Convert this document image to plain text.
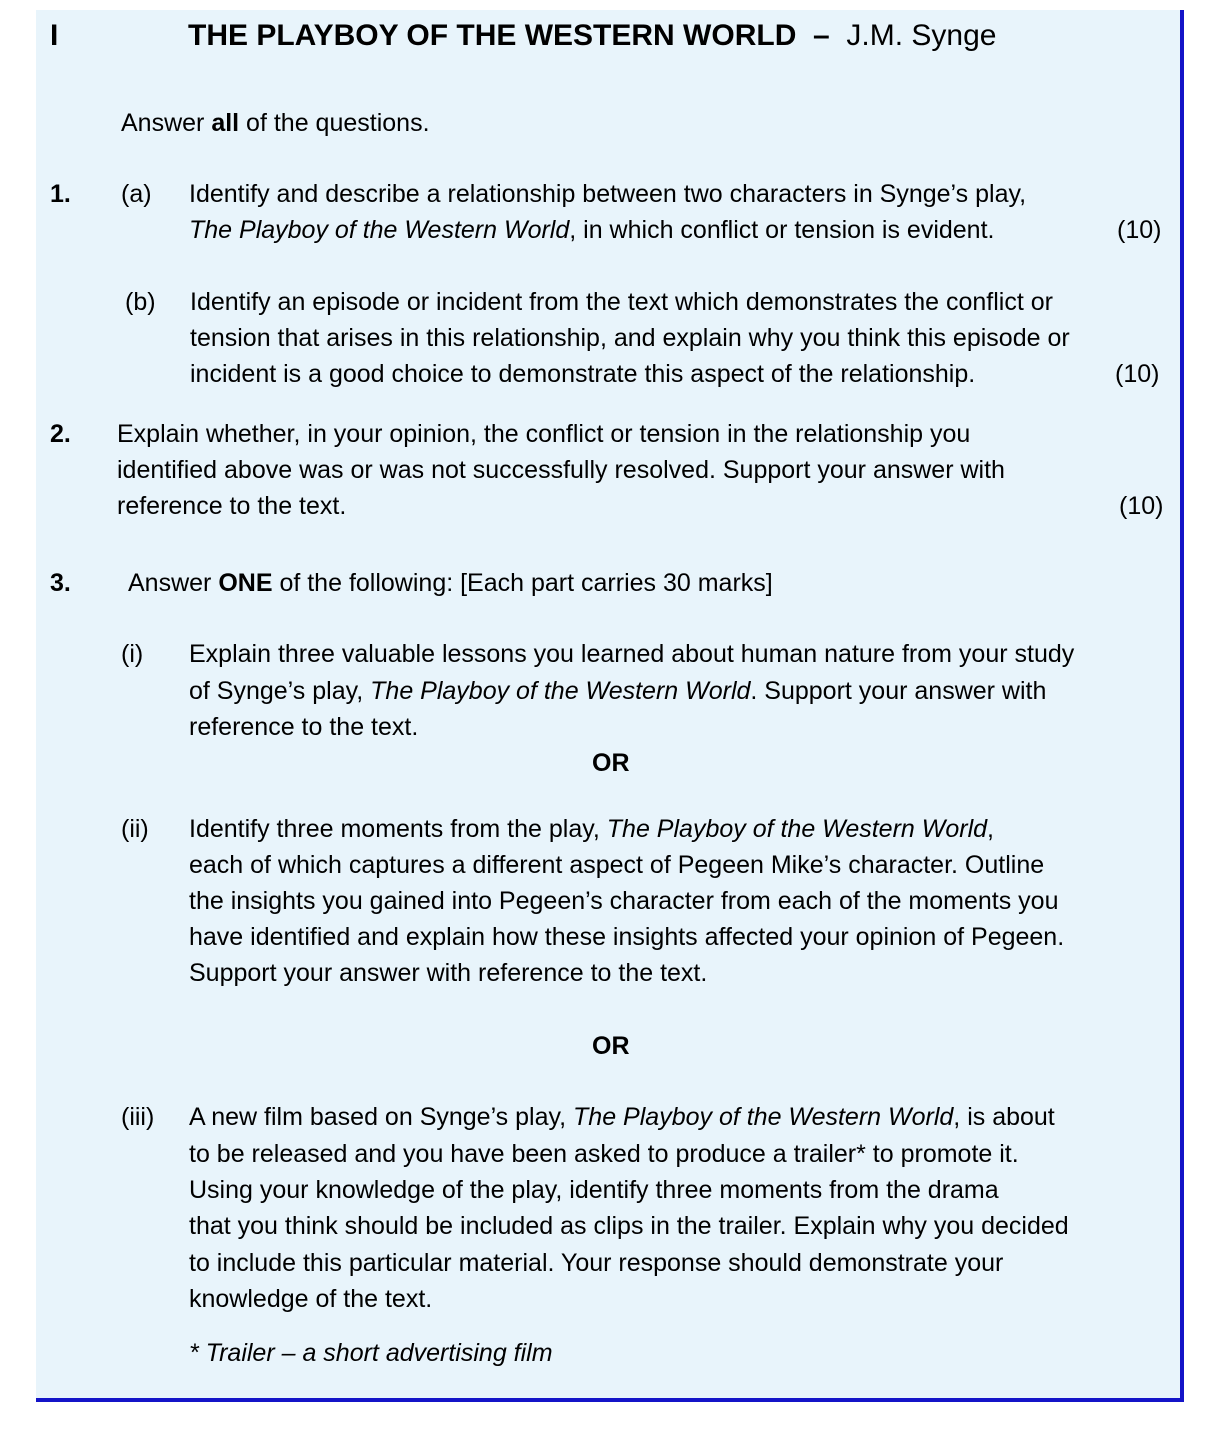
I	THE PLAYBOY OF THE WESTERN WORLD – J.M. Synge
Answer all of the questions.
1. (a) Identify and describe a relationship between two characters in Synge’s play,
The Playboy of the Western World, in which conflict or tension is evident.	(10)
(b) Identify an episode or incident from the text which demonstrates the conflict or
tension that arises in this relationship, and explain why you think this episode or
incident is a good choice to demonstrate this aspect of the relationship.	(10)
2. Explain whether, in your opinion, the conflict or tension in the relationship you
identified above was or was not successfully resolved. Support your answer with
reference to the text.	(10)
3. Answer ONE of the following: [Each part carries 30 marks]
(i) Explain three valuable lessons you learned about human nature from your study
of Synge’s play, The Playboy of the Western World. Support your answer with
reference to the text.
OR
(ii) Identify three moments from the play, The Playboy of the Western World,
each of which captures a different aspect of Pegeen Mike’s character. Outline
the insights you gained into Pegeen’s character from each of the moments you
have identified and explain how these insights affected your opinion of Pegeen.
Support your answer with reference to the text.
OR
(iii) A new film based on Synge’s play, The Playboy of the Western World, is about
to be released and you have been asked to produce a trailer* to promote it.
Using your knowledge of the play, identify three moments from the drama
that you think should be included as clips in the trailer. Explain why you decided
to include this particular material. Your response should demonstrate your
knowledge of the text.
* Trailer – a short advertising film
